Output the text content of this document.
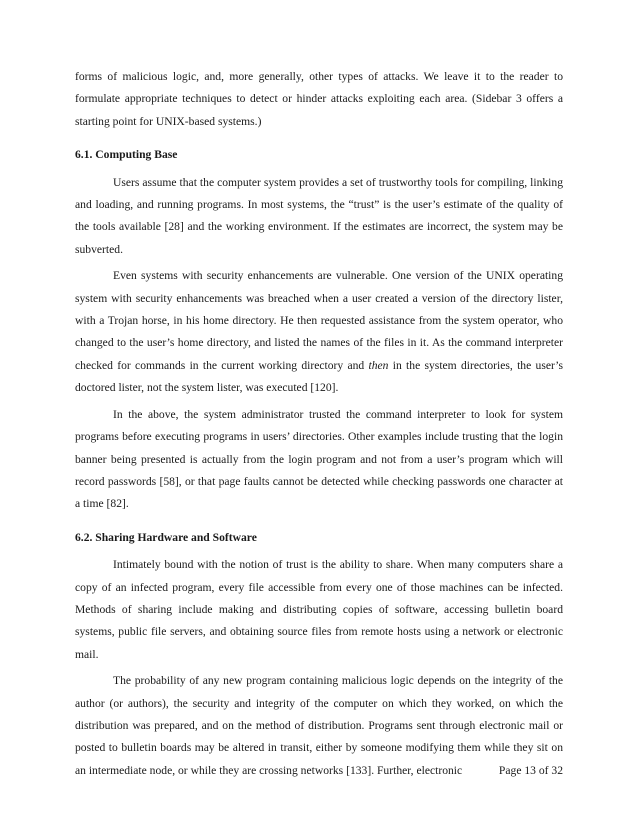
forms of malicious logic, and, more generally, other types of attacks. We leave it to the reader to formulate appropriate techniques to detect or hinder attacks exploiting each area. (Sidebar 3 offers a starting point for UNIX-based systems.)

6.1. Computing Base

Users assume that the computer system provides a set of trustworthy tools for compiling, linking and loading, and running programs. In most systems, the “trust” is the user’s estimate of the quality of the tools available [28] and the working environment. If the estimates are incorrect, the system may be subverted.

Even systems with security enhancements are vulnerable. One version of the UNIX operating system with security enhancements was breached when a user created a version of the directory lister, with a Trojan horse, in his home directory. He then requested assistance from the system operator, who changed to the user’s home directory, and listed the names of the files in it. As the command interpreter checked for commands in the current working directory and then in the system directories, the user’s doctored lister, not the system lister, was executed [120].

In the above, the system administrator trusted the command interpreter to look for system programs before executing programs in users’ directories. Other examples include trusting that the login banner being presented is actually from the login program and not from a user’s program which will record passwords [58], or that page faults cannot be detected while checking passwords one character at a time [82].

6.2. Sharing Hardware and Software

Intimately bound with the notion of trust is the ability to share. When many computers share a copy of an infected program, every file accessible from every one of those machines can be infected. Methods of sharing include making and distributing copies of software, accessing bulletin board systems, public file servers, and obtaining source files from remote hosts using a network or electronic mail.

The probability of any new program containing malicious logic depends on the integrity of the author (or authors), the security and integrity of the computer on which they worked, on which the distribution was prepared, and on the method of distribution. Programs sent through electronic mail or posted to bulletin boards may be altered in transit, either by someone modifying them while they sit on an intermediate node, or while they are crossing networks [133]. Further, electronic	Page 13 of 32
